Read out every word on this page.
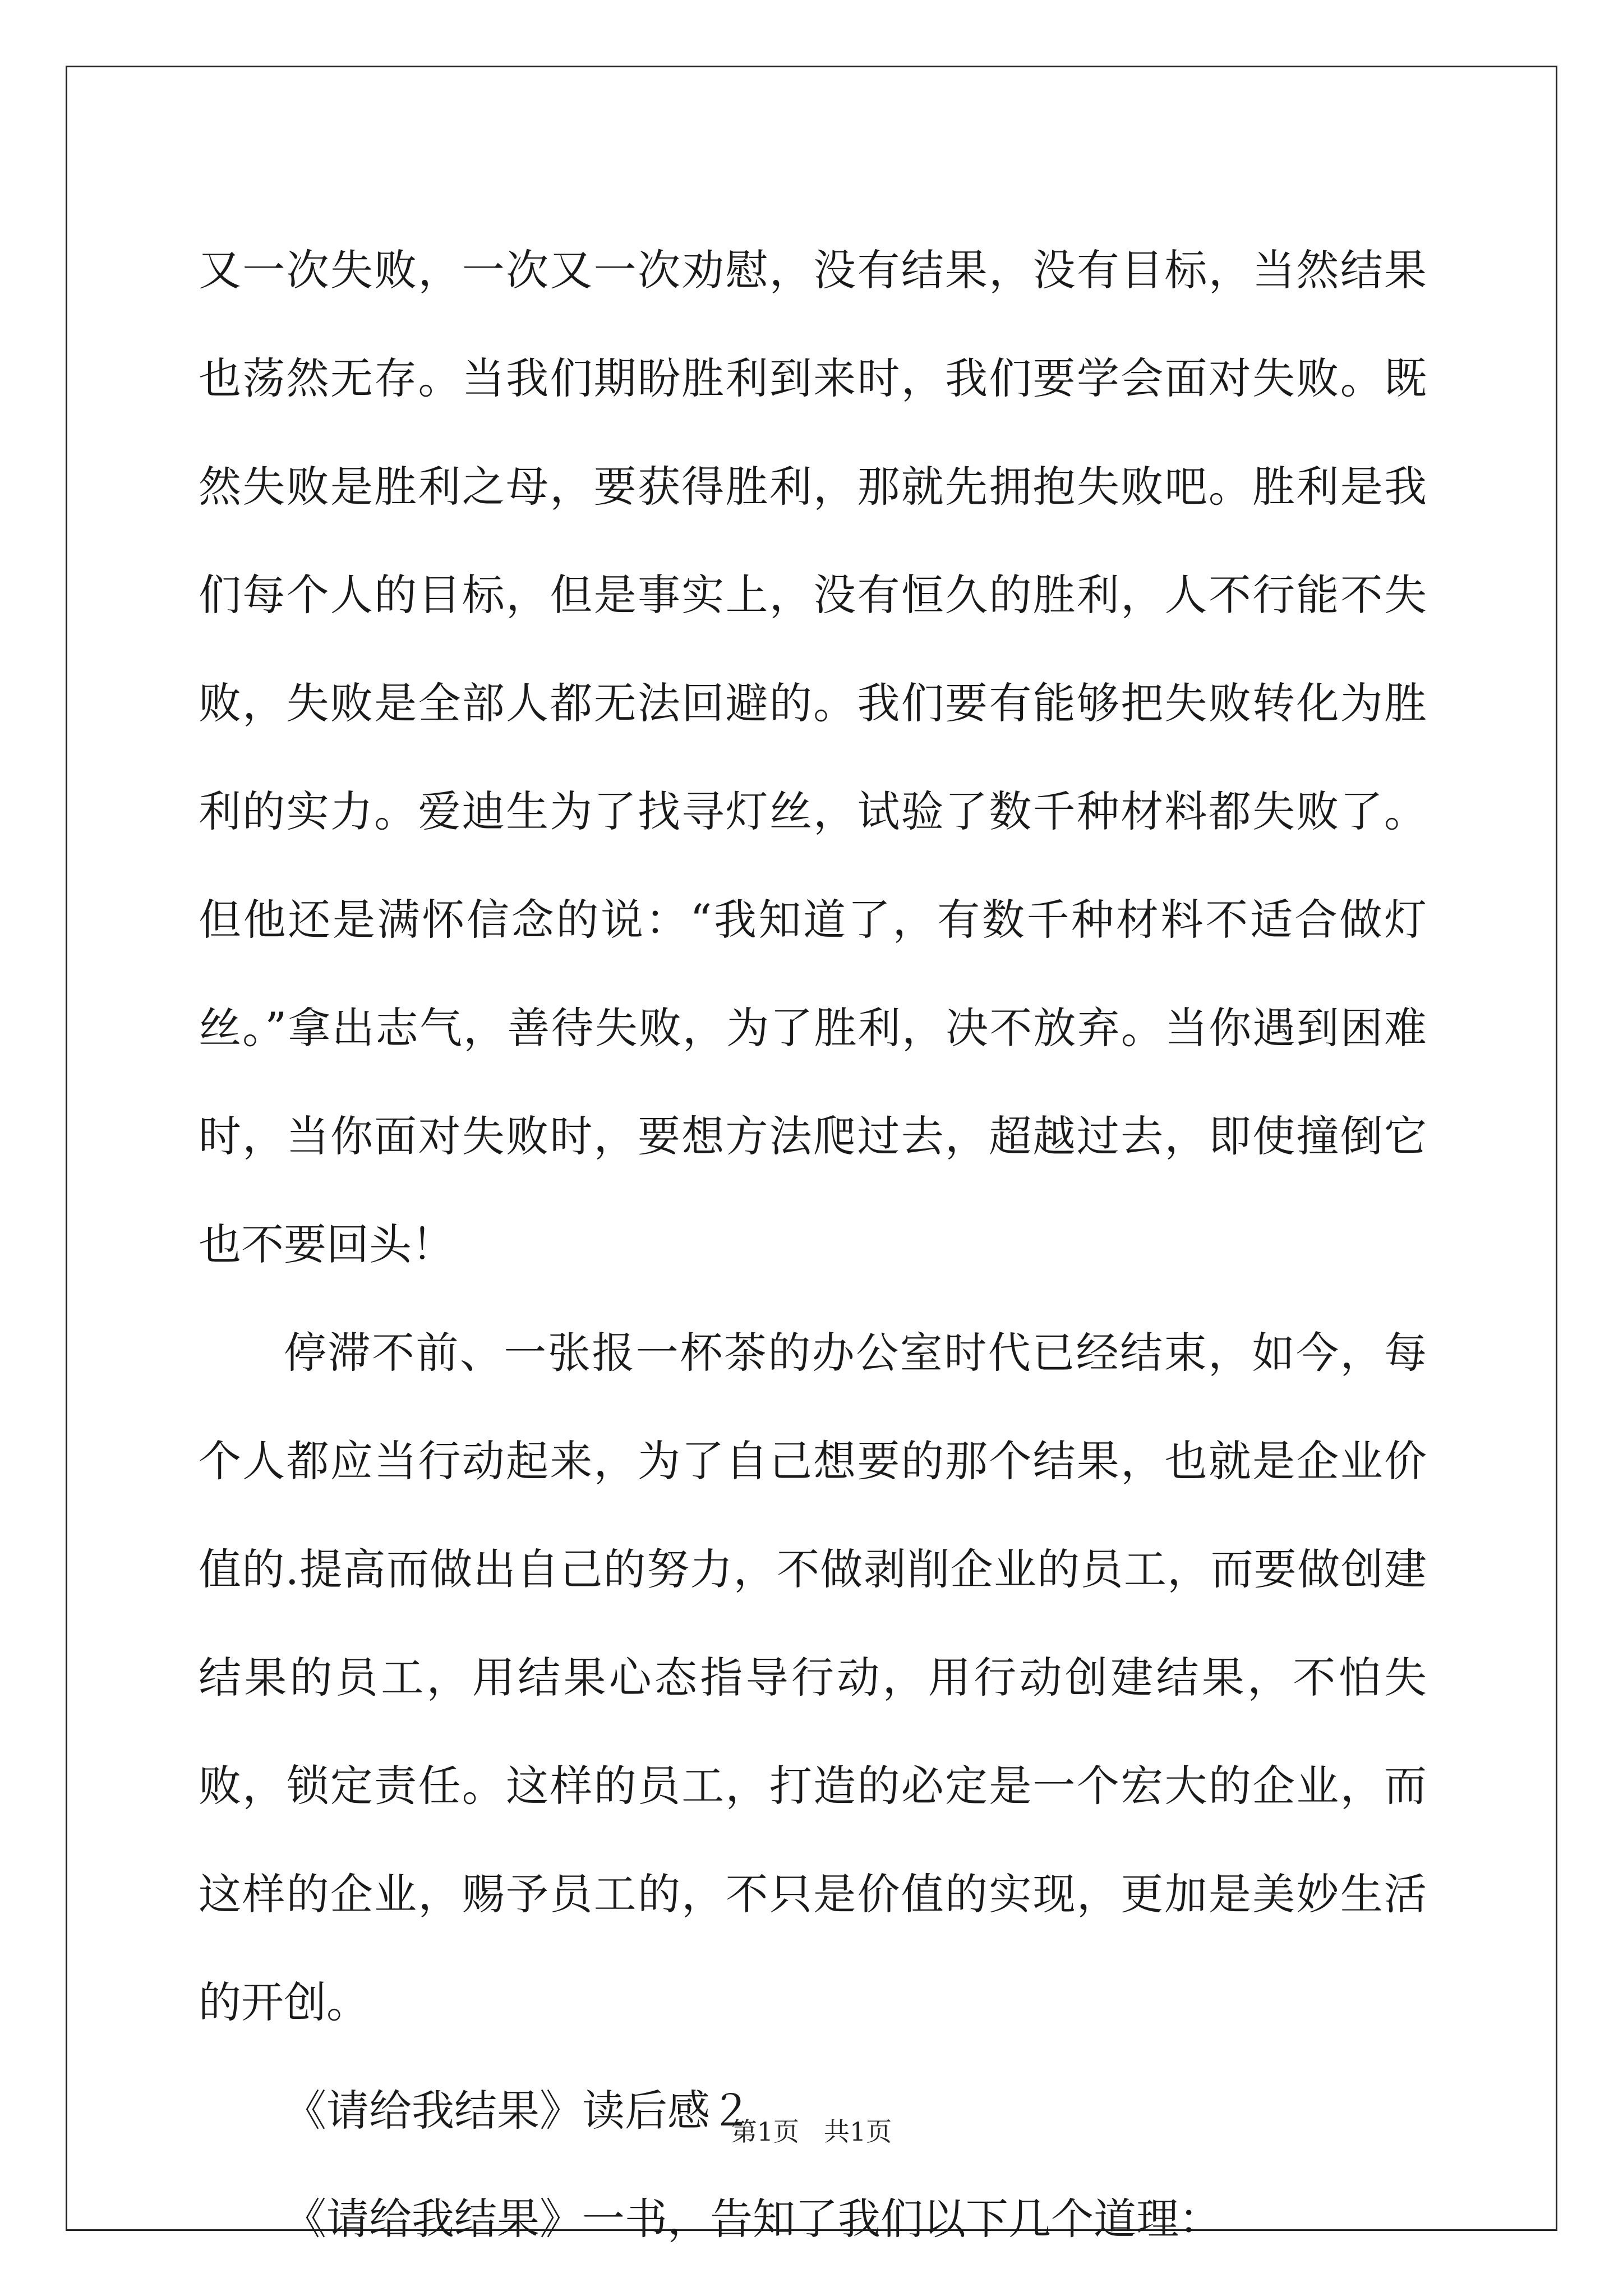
又一次失败，一次又一次劝慰，没有结果，没有目标，当然结果也荡然无存。当我们期盼胜利到来时，我们要学会面对失败。既然失败是胜利之母，要获得胜利，那就先拥抱失败吧。胜利是我们每个人的目标，但是事实上，没有恒久的胜利，人不行能不失败，失败是全部人都无法回避的。我们要有能够把失败转化为胜利的实力。爱迪生为了找寻灯丝，试验了数千种材料都失败了。但他还是满怀信念的说：“我知道了，有数千种材料不适合做灯丝。”拿出志气，善待失败，为了胜利，决不放弃。当你遇到困难时，当你面对失败时，要想方法爬过去，超越过去，即使撞倒它也不要回头！

停滞不前、一张报一杯茶的办公室时代已经结束，如今，每个人都应当行动起来，为了自己想要的那个结果，也就是企业价值的.提高而做出自己的努力，不做剥削企业的员工，而要做创建结果的员工，用结果心态指导行动，用行动创建结果，不怕失败，锁定责任。这样的员工，打造的必定是一个宏大的企业，而这样的企业，赐予员工的，不只是价值的实现，更加是美妙生活的开创。

《请给我结果》读后感２

《请给我结果》一书，告知了我们以下几个道理：

第1页 共1页
